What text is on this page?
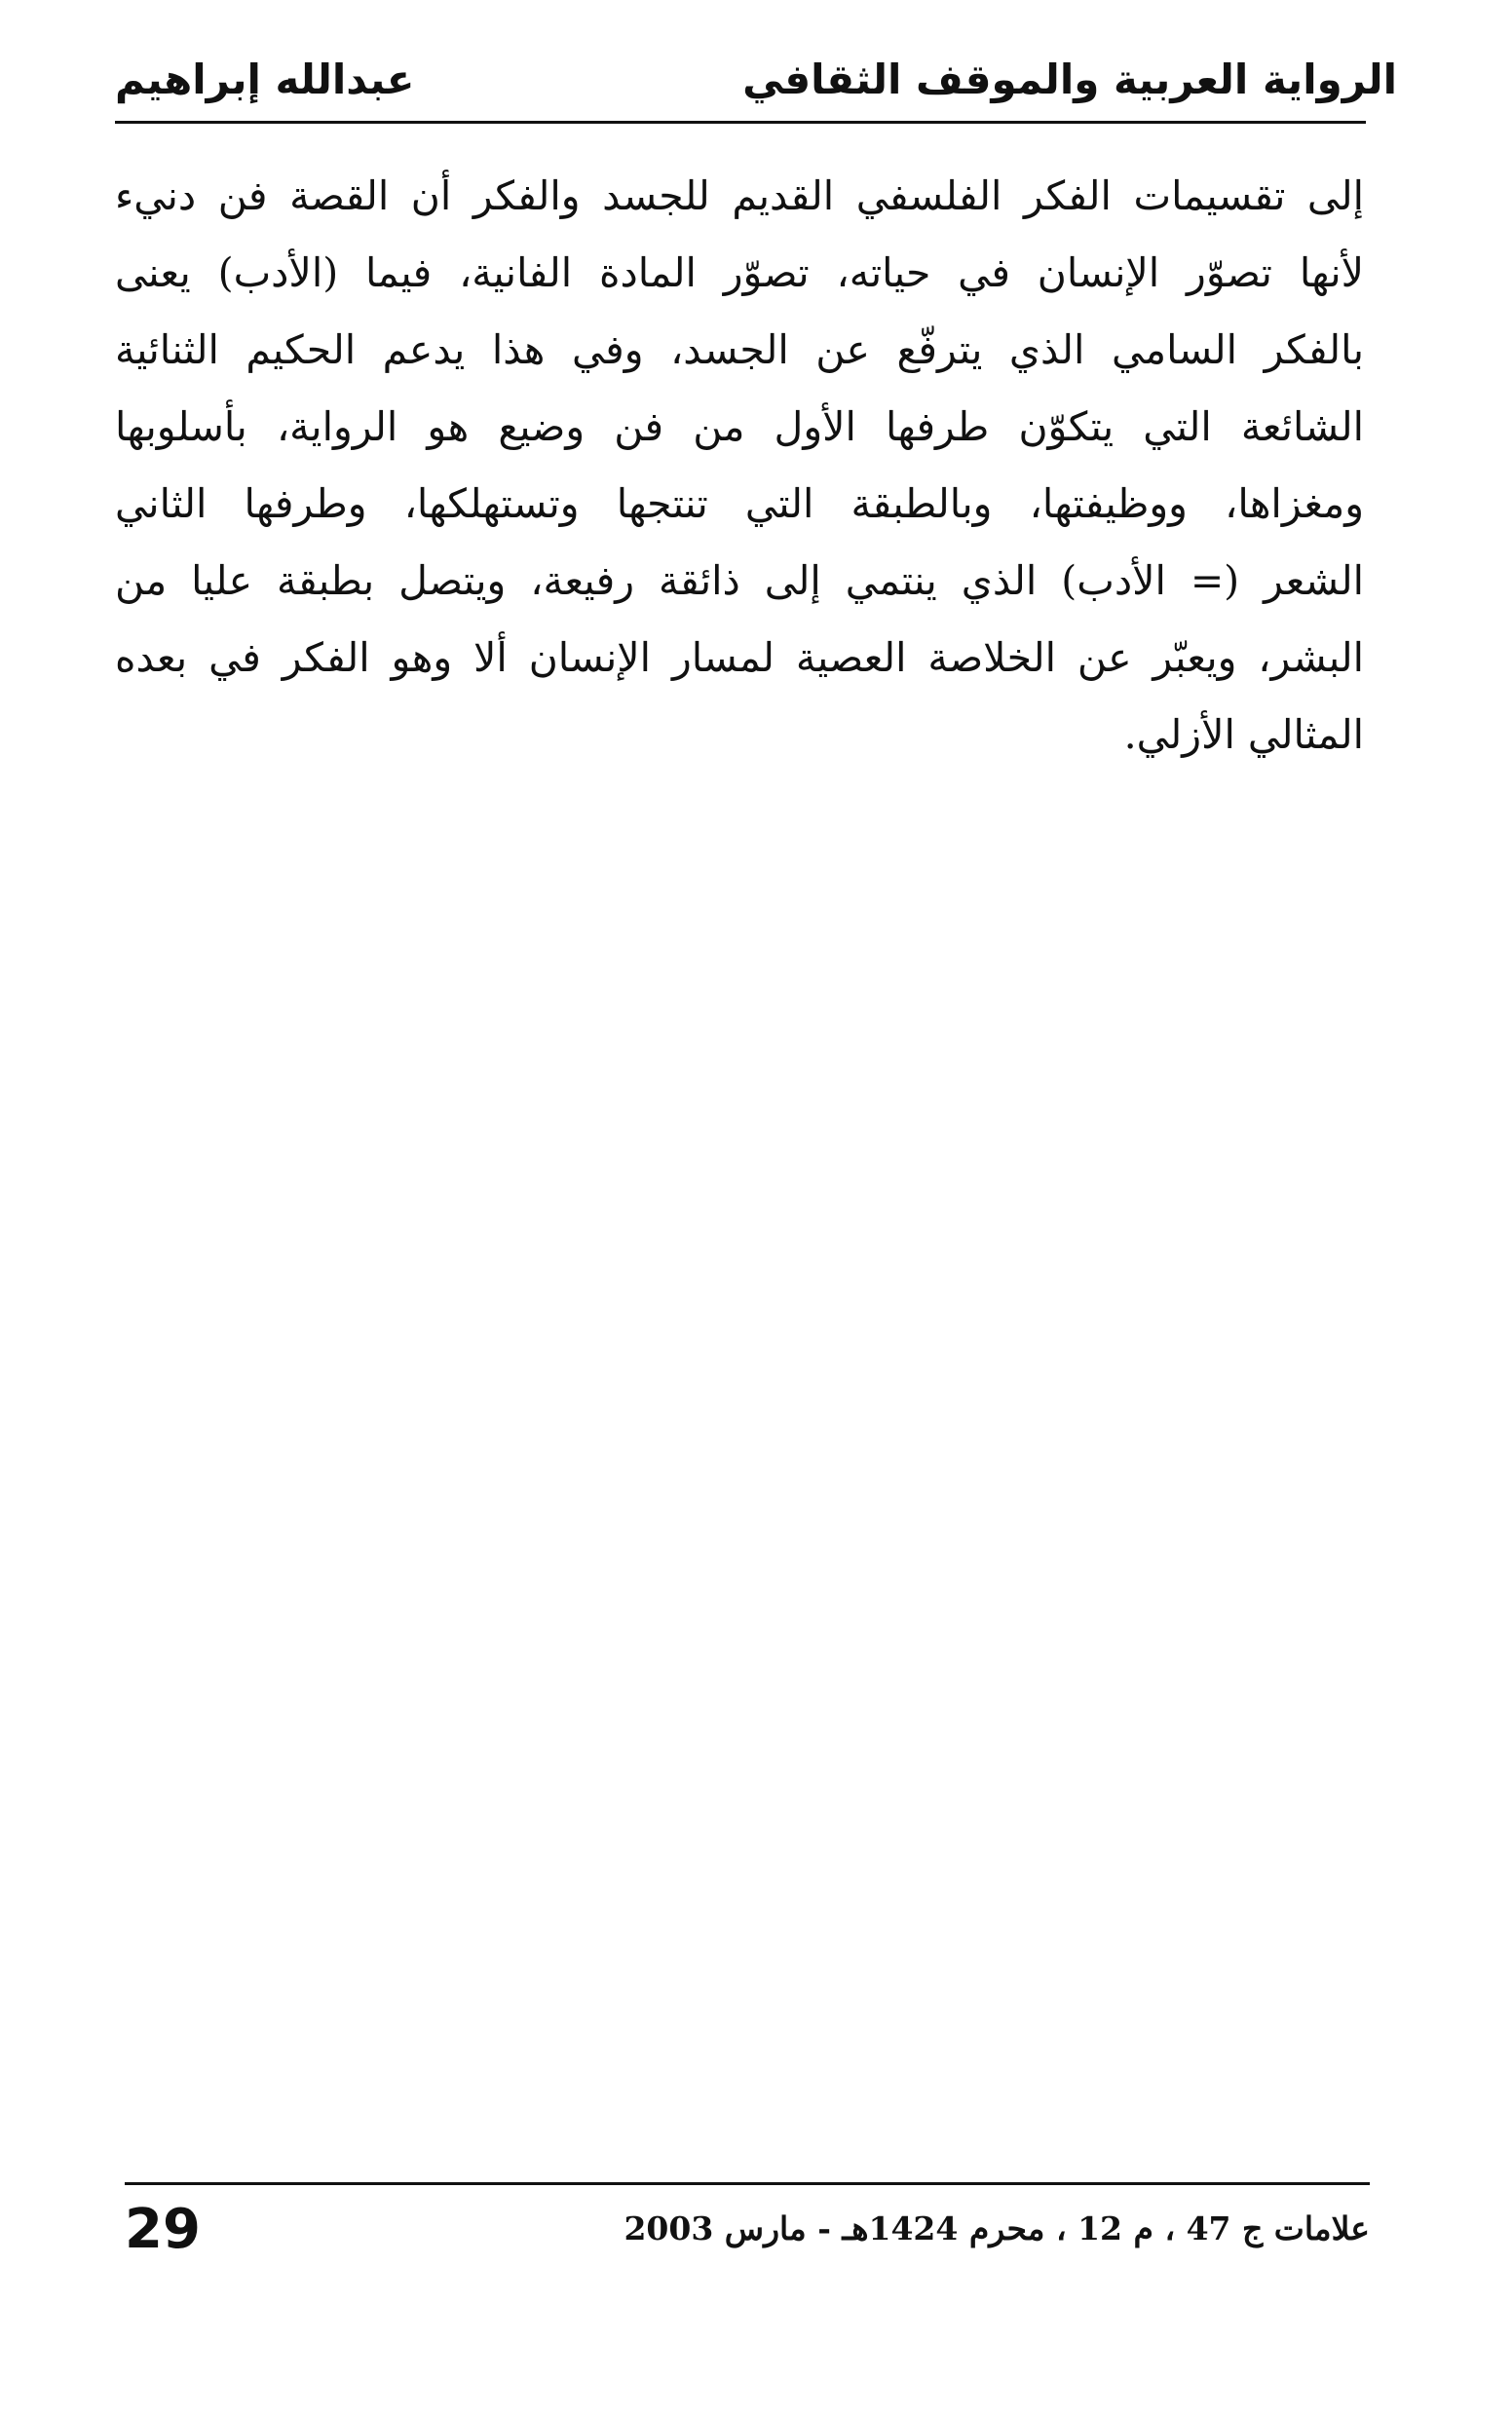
الرواية العربية والموقف الثقافي
عبدالله إبراهيم
إلى تقسيمات الفكر الفلسفي القديم للجسد والفكر أن القصة فن دنيء
لأنها تصوّر الإنسان في حياته، تصوّر المادة الفانية، فيما (الأدب) يعنى
بالفكر السامي الذي يترفّع عن الجسد، وفي هذا يدعم الحكيم الثنائية
الشائعة التي يتكوّن طرفها الأول من فن وضيع هو الرواية، بأسلوبها
ومغزاها، ووظيفتها، وبالطبقة التي تنتجها وتستهلكها، وطرفها الثاني
الشعر (= الأدب) الذي ينتمي إلى ذائقة رفيعة، ويتصل بطبقة عليا من
البشر، ويعبّر عن الخلاصة العصية لمسار الإنسان ألا وهو الفكر في بعده
المثالي الأزلي.
علامات ج 47 ، م 12 ، محرم 1424هـ - مارس 2003
29
